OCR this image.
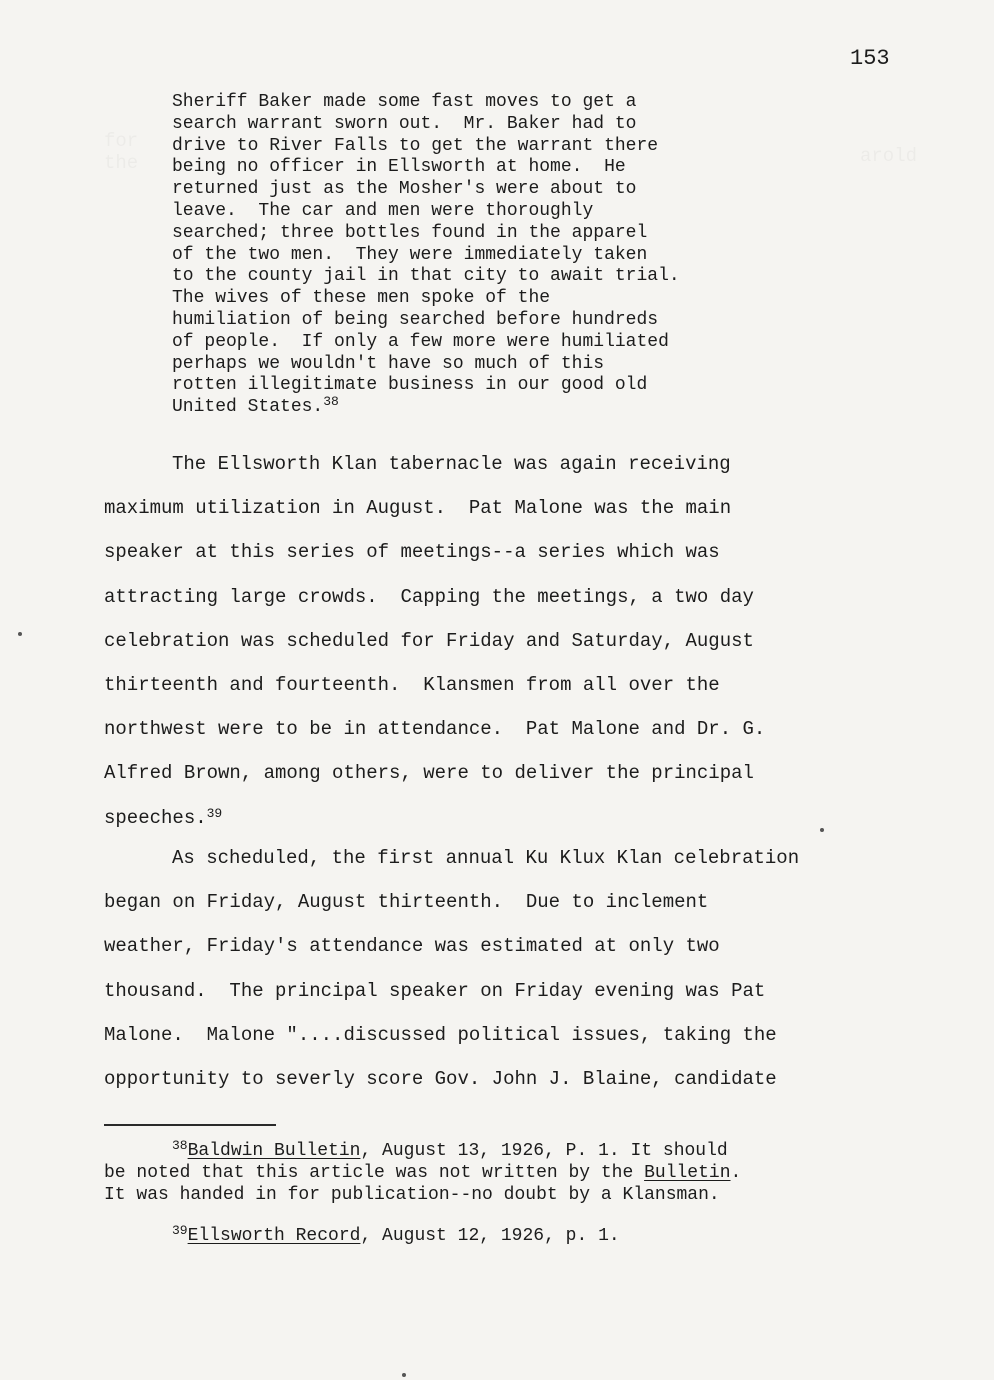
153
Sheriff Baker made some fast moves to get a
search warrant sworn out.  Mr. Baker had to
drive to River Falls to get the warrant there
being no officer in Ellsworth at home.  He
returned just as the Mosher's were about to
leave.  The car and men were thoroughly
searched; three bottles found in the apparel
of the two men.  They were immediately taken
to the county jail in that city to await trial.
The wives of these men spoke of the
humiliation of being searched before hundreds
of people.  If only a few more were humiliated
perhaps we wouldn't have so much of this
rotten illegitimate business in our good old
United States.$^{38}$
The Ellsworth Klan tabernacle was again receiving
maximum utilization in August.  Pat Malone was the main
speaker at this series of meetings--a series which was
attracting large crowds.  Capping the meetings, a two day
celebration was scheduled for Friday and Saturday, August
thirteenth and fourteenth.  Klansmen from all over the
northwest were to be in attendance.  Pat Malone and Dr. G.
Alfred Brown, among others, were to deliver the principal
speeches.$^{39}$
As scheduled, the first annual Ku Klux Klan celebration
began on Friday, August thirteenth.  Due to inclement
weather, Friday's attendance was estimated at only two
thousand.  The principal speaker on Friday evening was Pat
Malone.  Malone "....discussed political issues, taking the
opportunity to severly score Gov. John J. Blaine, candidate
$^{38}$Baldwin Bulletin, August 13, 1926, P. 1. It should
be noted that this article was not written by the Bulletin.
It was handed in for publication--no doubt by a Klansman.
$^{39}$Ellsworth Record, August 12, 1926, p. 1.
